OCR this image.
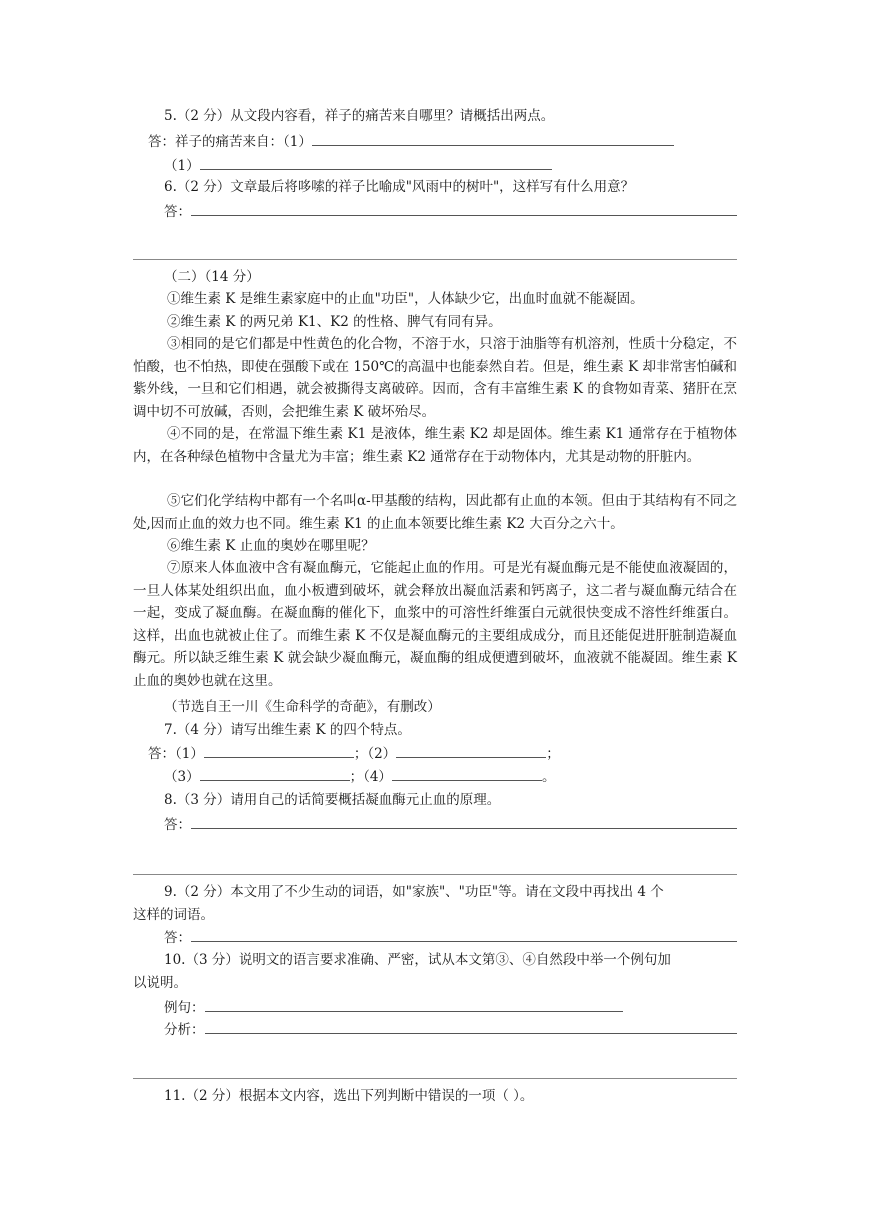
5.（2 分）从文段内容看，祥子的痛苦来自哪里？请概括出两点。
答：祥子的痛苦来自：（1）
（1）
6.（2 分）文章最后将哆嗦的祥子比喻成"风雨中的树叶"，这样写有什么用意？
答：
（二）（14 分）
①维生素 K 是维生素家庭中的止血"功臣"，人体缺少它，出血时血就不能凝固。
②维生素 K 的两兄弟 K1、K2 的性格、脾气有同有异。
③相同的是它们都是中性黄色的化合物，不溶于水，只溶于油脂等有机溶剂，性质十分稳定，不怕酸，也不怕热，即使在强酸下或在 150℃的高温中也能泰然自若。但是，维生素 K 却非常害怕碱和紫外线，一旦和它们相遇，就会被撕得支离破碎。因而，含有丰富维生素 K 的食物如青菜、猪肝在烹调中切不可放碱，否则，会把维生素 K 破坏殆尽。
④不同的是，在常温下维生素 K1 是液体，维生素 K2 却是固体。维生素 K1 通常存在于植物体内，在各种绿色植物中含量尤为丰富；维生素 K2 通常存在于动物体内，尤其是动物的肝脏内。
⑤它们化学结构中都有一个名叫α-甲基酸的结构，因此都有止血的本领。但由于其结构有不同之处,因而止血的效力也不同。维生素 K1 的止血本领要比维生素 K2 大百分之六十。
⑥维生素 K 止血的奥妙在哪里呢？
⑦原来人体血液中含有凝血酶元，它能起止血的作用。可是光有凝血酶元是不能使血液凝固的，一旦人体某处组织出血，血小板遭到破坏，就会释放出凝血活素和钙离子，这二者与凝血酶元结合在一起，变成了凝血酶。在凝血酶的催化下，血浆中的可溶性纤维蛋白元就很快变成不溶性纤维蛋白。这样，出血也就被止住了。而维生素 K 不仅是凝血酶元的主要组成成分，而且还能促进肝脏制造凝血酶元。所以缺乏维生素 K 就会缺少凝血酶元，凝血酶的组成便遭到破坏，血液就不能凝固。维生素 K 止血的奥妙也就在这里。
（节选自王一川《生命科学的奇葩》，有删改）
7.（4 分）请写出维生素 K 的四个特点。
答：（1）	；（2）	；
（3）	；（4）	。
8.（3 分）请用自己的话简要概括凝血酶元止血的原理。
答：
9.（2 分）本文用了不少生动的词语，如"家族"、"功臣"等。请在文段中再找出 4 个
这样的词语。
答：
10.（3 分）说明文的语言要求准确、严密，试从本文第③、④自然段中举一个例句加
以说明。
例句：
分析：
11.（2 分）根据本文内容，选出下列判断中错误的一项（ ）。
